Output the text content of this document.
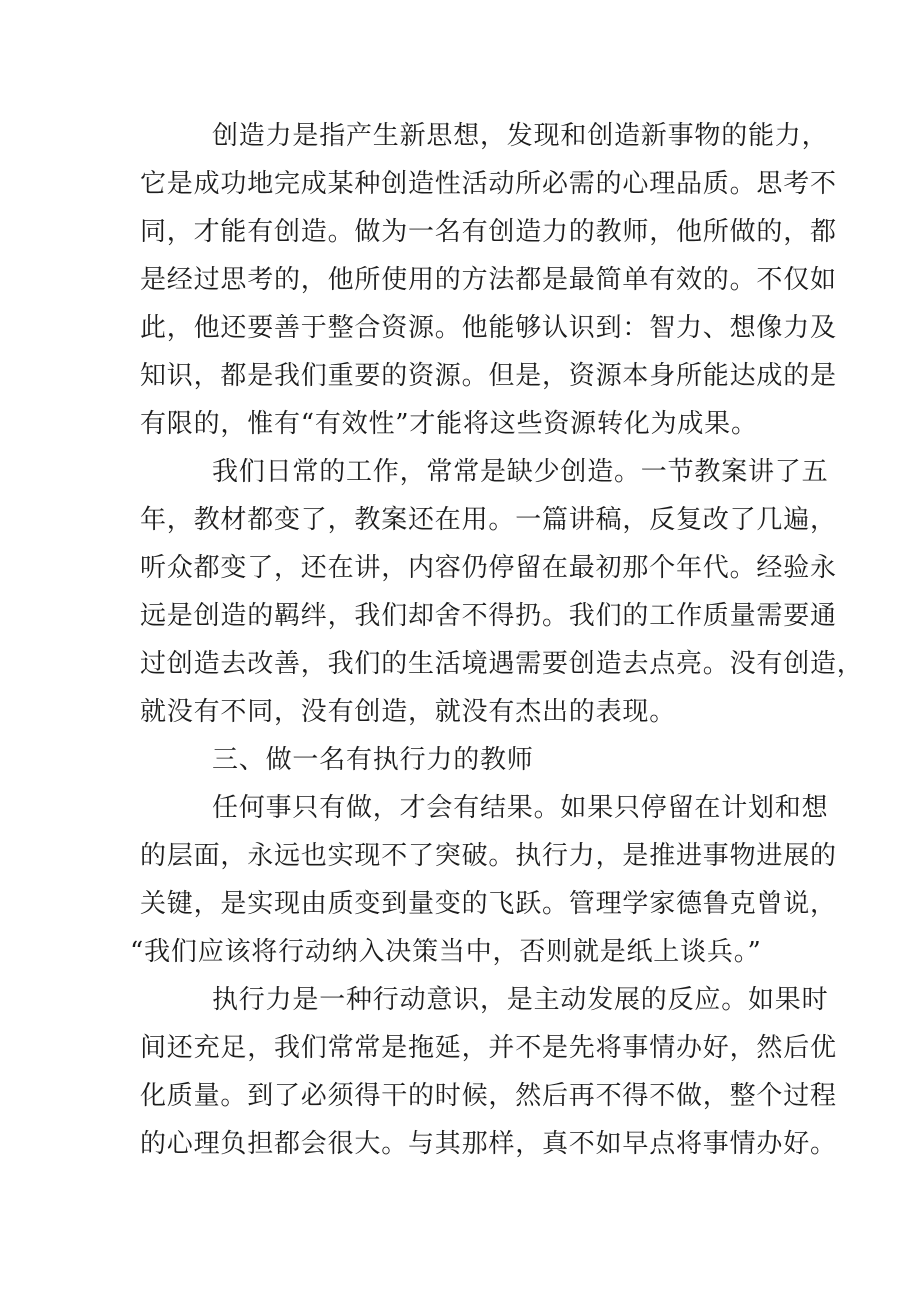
创造力是指产生新思想，发现和创造新事物的能力，
它是成功地完成某种创造性活动所必需的心理品质。思考不
同，才能有创造。做为一名有创造力的教师，他所做的，都
是经过思考的，他所使用的方法都是最简单有效的。不仅如
此，他还要善于整合资源。他能够认识到：智力、想像力及
知识，都是我们重要的资源。但是，资源本身所能达成的是
有限的，惟有“有效性”才能将这些资源转化为成果。
我们日常的工作，常常是缺少创造。一节教案讲了五
年，教材都变了，教案还在用。一篇讲稿，反复改了几遍，
听众都变了，还在讲，内容仍停留在最初那个年代。经验永
远是创造的羁绊，我们却舍不得扔。我们的工作质量需要通
过创造去改善，我们的生活境遇需要创造去点亮。没有创造，
就没有不同，没有创造，就没有杰出的表现。
三、做一名有执行力的教师
任何事只有做，才会有结果。如果只停留在计划和想
的层面，永远也实现不了突破。执行力，是推进事物进展的
关键，是实现由质变到量变的飞跃。管理学家德鲁克曾说，
“我们应该将行动纳入决策当中，否则就是纸上谈兵。”
执行力是一种行动意识，是主动发展的反应。如果时
间还充足，我们常常是拖延，并不是先将事情办好，然后优
化质量。到了必须得干的时候，然后再不得不做，整个过程
的心理负担都会很大。与其那样，真不如早点将事情办好。
